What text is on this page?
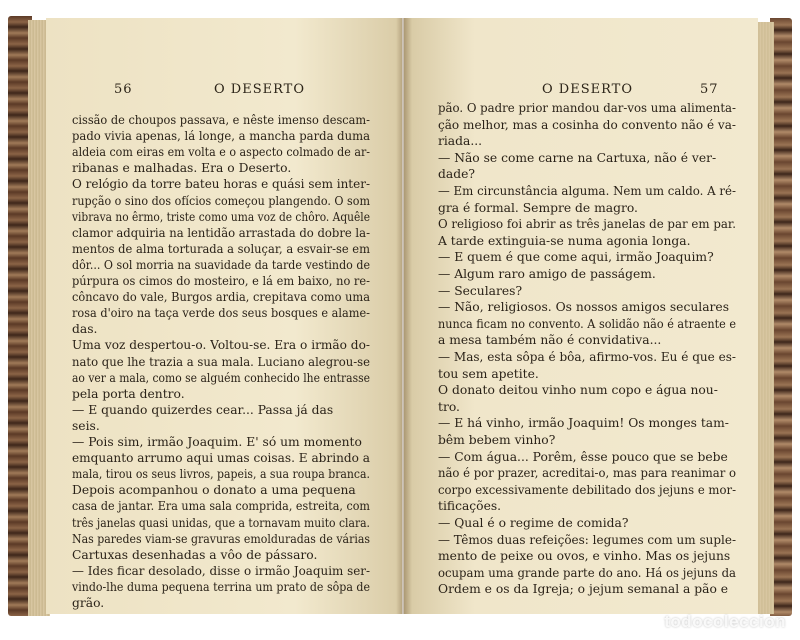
56	O DESERTO
cissão de choupos passava, e nêste imenso descam-
pado vivia apenas, lá longe, a mancha parda duma
aldeia com eiras em volta e o aspecto colmado de ar-
ribanas e malhadas. Era o Deserto.
O relógio da torre bateu horas e quási sem inter-
rupção o sino dos ofícios começou plangendo. O som
vibrava no êrmo, triste como uma voz de chôro. Aquêle
clamor adquiria na lentidão arrastada do dobre la-
mentos de alma torturada a soluçar, a esvair-se em
dôr... O sol morria na suavidade da tarde vestindo de
púrpura os cimos do mosteiro, e lá em baixo, no re-
côncavo do vale, Burgos ardia, crepitava como uma
rosa d'oiro na taça verde dos seus bosques e alame-
das.
Uma voz despertou-o. Voltou-se. Era o irmão do-
nato que lhe trazia a sua mala. Luciano alegrou-se
ao ver a mala, como se alguém conhecido lhe entrasse
pela porta dentro.
— E quando quizerdes cear... Passa já das
seis.
— Pois sim, irmão Joaquim. E' só um momento
emquanto arrumo aqui umas coisas. E abrindo a
mala, tirou os seus livros, papeis, a sua roupa branca.
Depois acompanhou o donato a uma pequena
casa de jantar. Era uma sala comprida, estreita, com
três janelas quasi unidas, que a tornavam muito clara.
Nas paredes viam-se gravuras emolduradas de várias
Cartuxas desenhadas a vôo de pássaro.
— Ides ficar desolado, disse o irmão Joaquim ser-
vindo-lhe duma pequena terrina um prato de sôpa de
grão.
O DESERTO	57
pão. O padre prior mandou dar-vos uma alimenta-
ção melhor, mas a cosinha do convento não é va-
riada...
— Não se come carne na Cartuxa, não é ver-
dade?
— Em circunstância alguma. Nem um caldo. A ré-
gra é formal. Sempre de magro.
O religioso foi abrir as três janelas de par em par.
A tarde extinguia-se numa agonia longa.
— E quem é que come aqui, irmão Joaquim?
— Algum raro amigo de passágem.
— Seculares?
— Não, religiosos. Os nossos amigos seculares
nunca ficam no convento. A solidão não é atraente e
a mesa também não é convidativa...
— Mas, esta sôpa é bôa, afirmo-vos. Eu é que es-
tou sem apetite.
O donato deitou vinho num copo e água nou-
tro.
— E há vinho, irmão Joaquim! Os monges tam-
bêm bebem vinho?
— Com água... Porêm, êsse pouco que se bebe
não é por prazer, acreditai-o, mas para reanimar o
corpo excessivamente debilitado dos jejuns e mor-
tificações.
— Qual é o regime de comida?
— Têmos duas refeições: legumes com um suple-
mento de peixe ou ovos, e vinho. Mas os jejuns
ocupam uma grande parte do ano. Há os jejuns da
Ordem e os da Igreja; o jejum semanal a pão e
todocoleccion
